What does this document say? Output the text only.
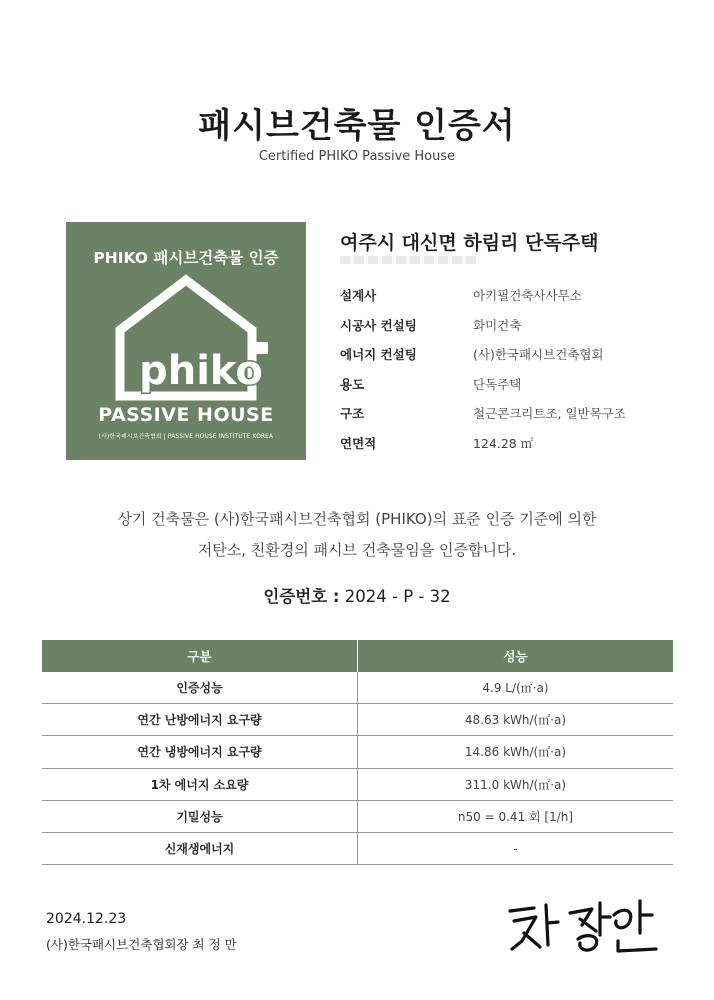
패시브건축물 인증서
Certified PHIKO Passive House
PHIKO 패시브건축물 인증
phiko
PASSIVE HOUSE
(사)한국패시브건축협회 | PASSIVE HOUSE INSTITUTE KOREA
여주시 대신면 하림리 단독주택
설계사	아키필건축사사무소
시공사 컨설팅	화미건축
에너지 컨설팅	(사)한국패시브건축협회
용도	단독주택
구조	철근콘크리트조, 일반목구조
연면적	124.28 ㎡
상기 건축물은 (사)한국패시브건축협회 (PHIKO)의 표준 인증 기준에 의한
저탄소, 친환경의 패시브 건축물임을 인증합니다.
인증번호 : 2024 - P - 32
구분	성능
인증성능	4.9 L/(㎡·a)
연간 난방에너지 요구량	48.63 kWh/(㎡·a)
연간 냉방에너지 요구량	14.86 kWh/(㎡·a)
1차 에너지 소요량	311.0 kWh/(㎡·a)
기밀성능	n50 = 0.41 회 [1/h]
신재생에너지	-
2024.12.23
(사)한국패시브건축협회장 최 정 만
